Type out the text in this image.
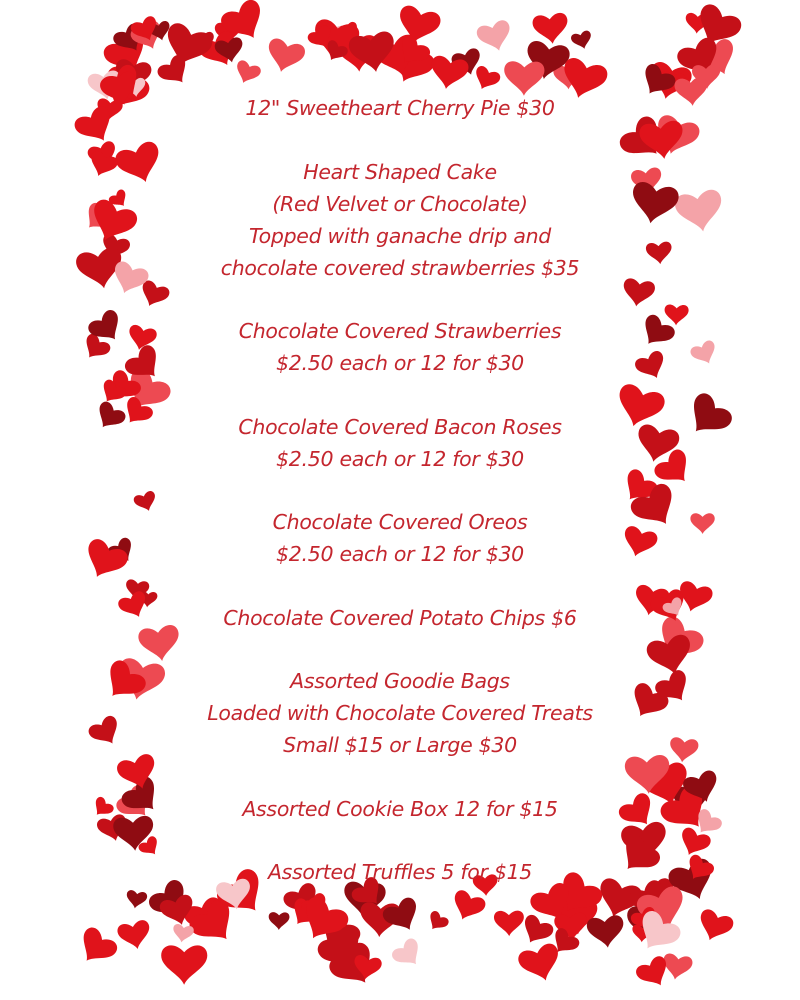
12" Sweetheart Cherry Pie $30
Heart Shaped Cake
(Red Velvet or Chocolate)
Topped with ganache drip and
chocolate covered strawberries $35
Chocolate Covered Strawberries
$2.50 each or 12 for $30
Chocolate Covered Bacon Roses
$2.50 each or 12 for $30
Chocolate Covered Oreos
$2.50 each or 12 for $30
Chocolate Covered Potato Chips $6
Assorted Goodie Bags
Loaded with Chocolate Covered Treats
Small $15 or Large $30
Assorted Cookie Box 12 for $15
Assorted Truffles 5 for $15
